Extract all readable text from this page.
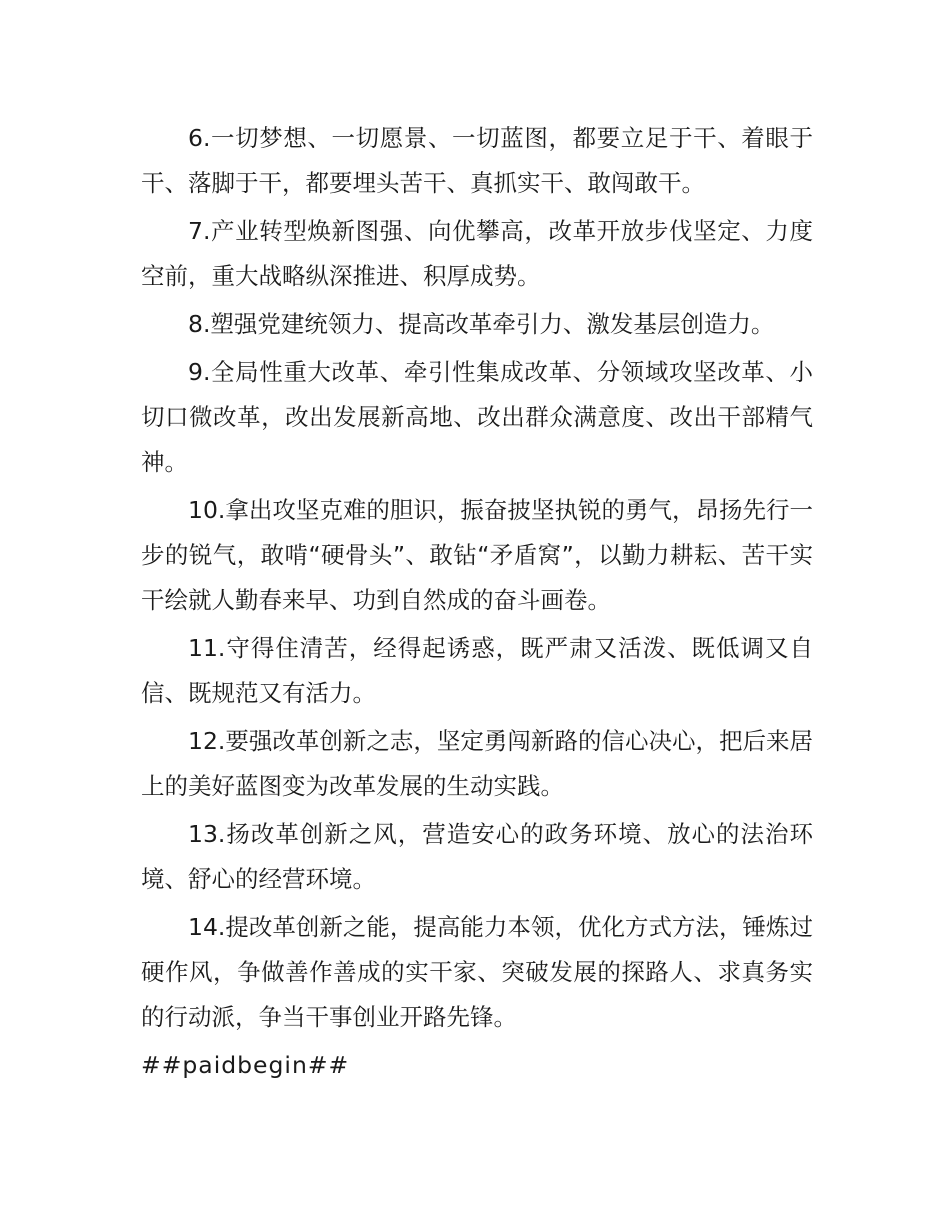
6.一切梦想、一切愿景、一切蓝图，都要立足于干、着眼于干、落脚于干，都要埋头苦干、真抓实干、敢闯敢干。

7.产业转型焕新图强、向优攀高，改革开放步伐坚定、力度空前，重大战略纵深推进、积厚成势。

8.塑强党建统领力、提高改革牵引力、激发基层创造力。

9.全局性重大改革、牵引性集成改革、分领域攻坚改革、小切口微改革，改出发展新高地、改出群众满意度、改出干部精气神。

10.拿出攻坚克难的胆识，振奋披坚执锐的勇气，昂扬先行一步的锐气，敢啃“硬骨头”、敢钻“矛盾窝”，以勤力耕耘、苦干实干绘就人勤春来早、功到自然成的奋斗画卷。

11.守得住清苦，经得起诱惑，既严肃又活泼、既低调又自信、既规范又有活力。

12.要强改革创新之志，坚定勇闯新路的信心决心，把后来居上的美好蓝图变为改革发展的生动实践。

13.扬改革创新之风，营造安心的政务环境、放心的法治环境、舒心的经营环境。

14.提改革创新之能，提高能力本领，优化方式方法，锤炼过硬作风，争做善作善成的实干家、突破发展的探路人、求真务实的行动派，争当干事创业开路先锋。

##paidbegin##
